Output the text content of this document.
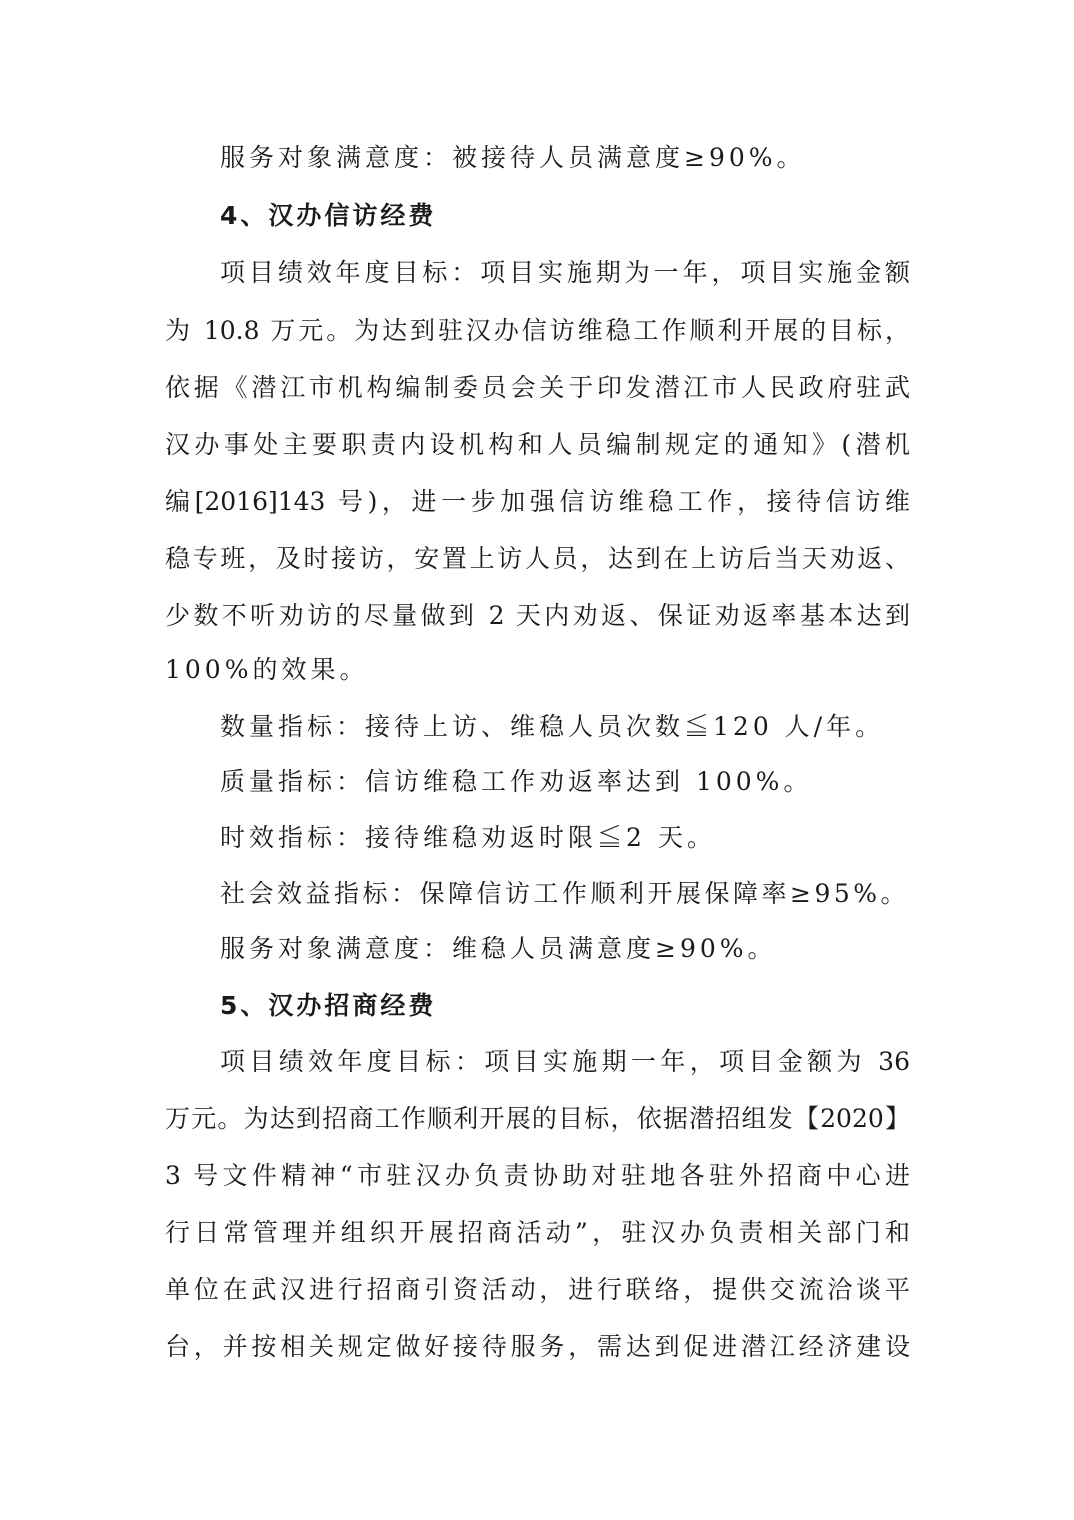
服务对象满意度：被接待人员满意度≥90%。
4、汉办信访经费
项目绩效年度目标：项目实施期为一年，项目实施金额
为 10.8 万元。为达到驻汉办信访维稳工作顺利开展的目标，
依据《潜江市机构编制委员会关于印发潜江市人民政府驻武
汉办事处主要职责内设机构和人员编制规定的通知》(潜机
编[2016]143 号)，进一步加强信访维稳工作，接待信访维
稳专班，及时接访，安置上访人员，达到在上访后当天劝返、
少数不听劝访的尽量做到 2 天内劝返、保证劝返率基本达到
100%的效果。
数量指标：接待上访、维稳人员次数≦120 人/年。
质量指标：信访维稳工作劝返率达到 100%。
时效指标：接待维稳劝返时限≦2 天。
社会效益指标：保障信访工作顺利开展保障率≥95%。
服务对象满意度：维稳人员满意度≥90%。
5、汉办招商经费
项目绩效年度目标：项目实施期一年，项目金额为 36
万元。为达到招商工作顺利开展的目标，依据潜招组发【2020】
3 号文件精神“市驻汉办负责协助对驻地各驻外招商中心进
行日常管理并组织开展招商活动”，驻汉办负责相关部门和
单位在武汉进行招商引资活动，进行联络，提供交流洽谈平
台，并按相关规定做好接待服务，需达到促进潜江经济建设
